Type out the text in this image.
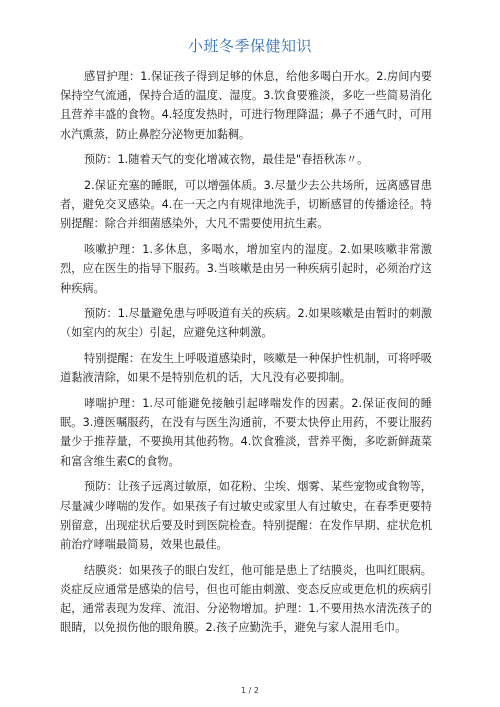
小班冬季保健知识

感冒护理：1.保证孩子得到足够的休息，给他多喝白开水。2.房间内要保持空气流通，保持合适的温度、湿度。3.饮食要雅淡，多吃一些简易消化且营养丰盛的食物。4.轻度发热时，可进行物理降温；鼻子不通气时，可用水汽熏蒸，防止鼻腔分泌物更加黏稠。

预防：1.随着天气的变化增减衣物，最佳是"春捂秋冻〃。

2.保证充塞的睡眠，可以增强体质。3.尽量少去公共场所，远离感冒患者，避免交叉感染。4.在一天之内有规律地洗手，切断感冒的传播途径。特别提醒：除合并细菌感染外，大凡不需要使用抗生素。

咳嗽护理：1.多休息，多喝水，增加室内的湿度。2.如果咳嗽非常激烈，应在医生的指导下服药。3.当咳嗽是由另一种疾病引起时，必须治疗这种疾病。

预防：1.尽量避免患与呼吸道有关的疾病。2.如果咳嗽是由暂时的刺激（如室内的灰尘）引起，应避免这种刺激。

特别提醒：在发生上呼吸道感染时，咳嗽是一种保护性机制，可将呼吸道黏液清除，如果不是特别危机的话，大凡没有必要抑制。

哮喘护理：1.尽可能避免接触引起哮喘发作的因素。2.保证夜间的睡眠。3.遵医嘱服药，在没有与医生沟通前，不要太快停止用药，不要让服药量少于推荐量，不要换用其他药物。4.饮食雅淡，营养平衡，多吃新鲜蔬菜和富含维生素C的食物。

预防：让孩子远离过敏原，如花粉、尘埃、烟雾、某些宠物或食物等，尽量减少哮喘的发作。如果孩子有过敏史或家里人有过敏史，在春季更要特别留意，出现症状后要及时到医院检查。特别提醒：在发作早期、症状危机前治疗哮喘最简易，效果也最佳。

结膜炎：如果孩子的眼白发红，他可能是患上了结膜炎，也叫红眼病。炎症反应通常是感染的信号，但也可能由刺激、变态反应或更危机的疾病引起，通常表现为发痒、流泪、分泌物增加。护理：1.不要用热水清洗孩子的眼睛，以免损伤他的眼角膜。2.孩子应勤洗手，避免与家人混用毛巾。

1 / 2
